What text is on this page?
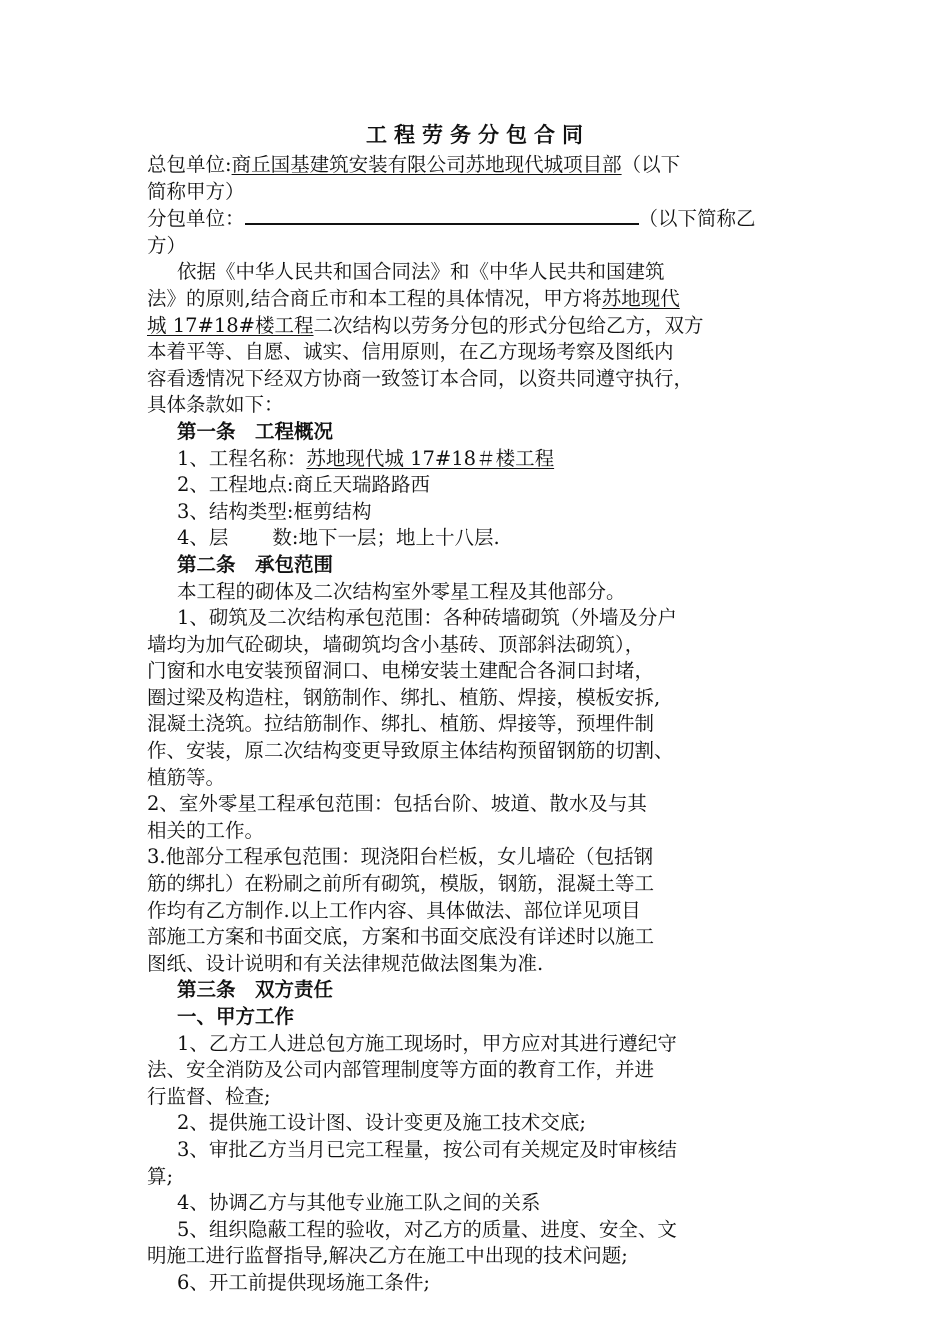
工程劳务分包合同
总包单位:商丘国基建筑安装有限公司苏地现代城项目部（以下
简称甲方）
分包单位：	（以下简称乙
方）
依据《中华人民共和国合同法》和《中华人民共和国建筑
法》的原则,结合商丘市和本工程的具体情况，甲方将苏地现代
城 17#18#楼工程二次结构以劳务分包的形式分包给乙方，双方
本着平等、自愿、诚实、信用原则，在乙方现场考察及图纸内
容看透情况下经双方协商一致签订本合同，以资共同遵守执行，
具体条款如下：
第一条　工程概况
1、工程名称：苏地现代城 17#18＃楼工程
2、工程地点:商丘天瑞路路西
3、结构类型:框剪结构
4、层 数:地下一层；地上十八层.
第二条　承包范围
本工程的砌体及二次结构室外零星工程及其他部分。
1、砌筑及二次结构承包范围：各种砖墙砌筑（外墙及分户
墙均为加气砼砌块，墙砌筑均含小基砖、顶部斜法砌筑），
门窗和水电安装预留洞口、电梯安装土建配合各洞口封堵，
圈过梁及构造柱，钢筋制作、绑扎、植筋、焊接，模板安拆,
混凝土浇筑。拉结筋制作、绑扎、植筋、焊接等，预埋件制
作、安装，原二次结构变更导致原主体结构预留钢筋的切割、
植筋等。
2、室外零星工程承包范围：包括台阶、坡道、散水及与其
相关的工作。
3.他部分工程承包范围：现浇阳台栏板，女儿墙砼（包括钢
筋的绑扎）在粉刷之前所有砌筑，模版，钢筋，混凝土等工
作均有乙方制作.以上工作内容、具体做法、部位详见项目
部施工方案和书面交底，方案和书面交底没有详述时以施工
图纸、设计说明和有关法律规范做法图集为准.
第三条　双方责任
一、甲方工作
1、乙方工人进总包方施工现场时，甲方应对其进行遵纪守
法、安全消防及公司内部管理制度等方面的教育工作，并进
行监督、检查;
2、提供施工设计图、设计变更及施工技术交底;
3、审批乙方当月已完工程量，按公司有关规定及时审核结
算;
4、协调乙方与其他专业施工队之间的关系
5、组织隐蔽工程的验收，对乙方的质量、进度、安全、文
明施工进行监督指导,解决乙方在施工中出现的技术问题;
6、开工前提供现场施工条件;
